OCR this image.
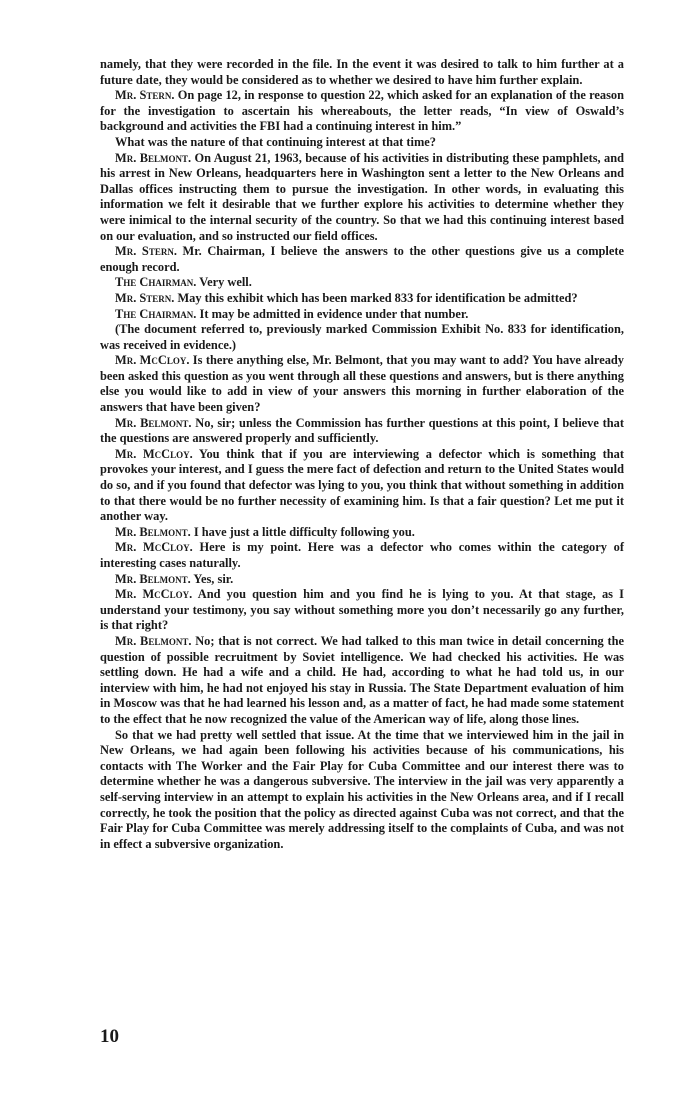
namely, that they were recorded in the file. In the event it was desired to talk to him further at a future date, they would be considered as to whether we desired to have him further explain.

Mr. Stern. On page 12, in response to question 22, which asked for an explanation of the reason for the investigation to ascertain his whereabouts, the letter reads, “In view of Oswald’s background and activities the FBI had a continuing interest in him.”

What was the nature of that continuing interest at that time?

Mr. Belmont. On August 21, 1963, because of his activities in distributing these pamphlets, and his arrest in New Orleans, headquarters here in Washington sent a letter to the New Orleans and Dallas offices instructing them to pursue the investigation. In other words, in evaluating this information we felt it desirable that we further explore his activities to determine whether they were inimical to the internal security of the country. So that we had this continuing interest based on our evaluation, and so instructed our field offices.

Mr. Stern. Mr. Chairman, I believe the answers to the other questions give us a complete enough record.

The Chairman. Very well.

Mr. Stern. May this exhibit which has been marked 833 for identification be admitted?

The Chairman. It may be admitted in evidence under that number.

(The document referred to, previously marked Commission Exhibit No. 833 for identification, was received in evidence.)

Mr. McCloy. Is there anything else, Mr. Belmont, that you may want to add? You have already been asked this question as you went through all these questions and answers, but is there anything else you would like to add in view of your answers this morning in further elaboration of the answers that have been given?

Mr. Belmont. No, sir; unless the Commission has further questions at this point, I believe that the questions are answered properly and sufficiently.

Mr. McCloy. You think that if you are interviewing a defector which is something that provokes your interest, and I guess the mere fact of defection and return to the United States would do so, and if you found that defector was lying to you, you think that without something in addition to that there would be no further necessity of examining him. Is that a fair question? Let me put it another way.

Mr. Belmont. I have just a little difficulty following you.

Mr. McCloy. Here is my point. Here was a defector who comes within the category of interesting cases naturally.

Mr. Belmont. Yes, sir.

Mr. McCloy. And you question him and you find he is lying to you. At that stage, as I understand your testimony, you say without something more you don’t necessarily go any further, is that right?

Mr. Belmont. No; that is not correct. We had talked to this man twice in detail concerning the question of possible recruitment by Soviet intelligence. We had checked his activities. He was settling down. He had a wife and a child. He had, according to what he had told us, in our interview with him, he had not enjoyed his stay in Russia. The State Department evaluation of him in Moscow was that he had learned his lesson and, as a matter of fact, he had made some statement to the effect that he now recognized the value of the American way of life, along those lines.

So that we had pretty well settled that issue. At the time that we interviewed him in the jail in New Orleans, we had again been following his activities because of his communications, his contacts with The Worker and the Fair Play for Cuba Committee and our interest there was to determine whether he was a dangerous subversive. The interview in the jail was very apparently a self-serving interview in an attempt to explain his activities in the New Orleans area, and if I recall correctly, he took the position that the policy as directed against Cuba was not correct, and that the Fair Play for Cuba Committee was merely addressing itself to the complaints of Cuba, and was not in effect a subversive organization.

10
